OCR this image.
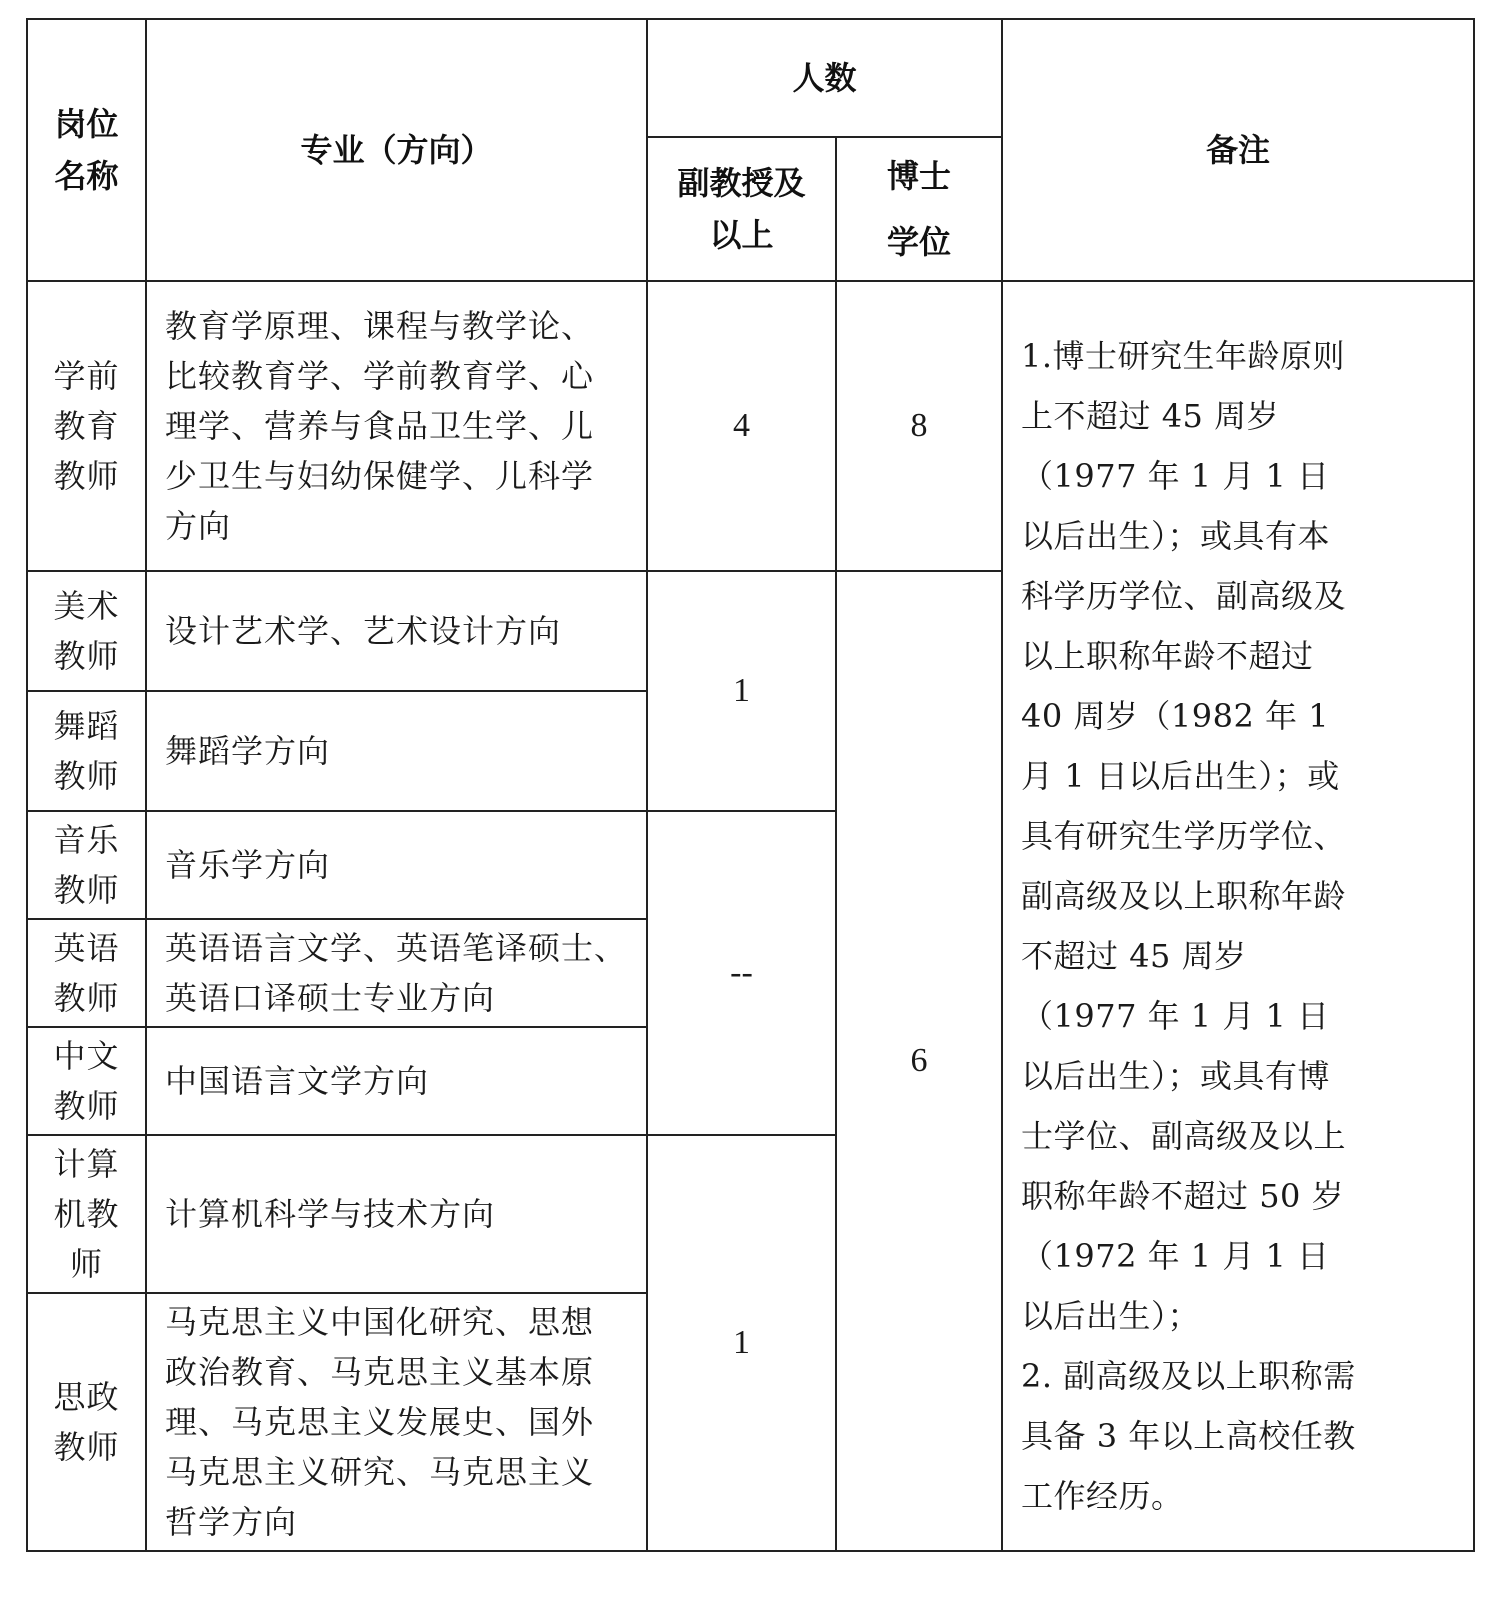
岗位名称	专业（方向）	人数		备注

		副教授及以上	博士学位	

学前教育教师	教育学原理、课程与教学论、比较教育学、学前教育学、心理学、营养与食品卫生学、儿少卫生与妇幼保健学、儿科学方向	4	8	1.博士研究生年龄原则上不超过 45 周岁（1977 年 1 月 1 日以后出生）；或具有本科学历学位、副高级及以上职称年龄不超过 40 周岁（1982 年 1 月 1 日以后出生）；或具有研究生学历学位、副高级及以上职称年龄不超过 45 周岁（1977 年 1 月 1 日以后出生）；或具有博士学位、副高级及以上职称年龄不超过 50 岁（1972 年 1 月 1 日以后出生）；

2. 副高级及以上职称需具备 3 年以上高校任教工作经历。

美术教师	设计艺术学、艺术设计方向	1	6	

舞蹈教师	舞蹈学方向			

音乐教师	音乐学方向	--		

英语教师	英语语言文学、英语笔译硕士、英语口译硕士专业方向			

中文教师	中国语言文学方向			

计算机教师	计算机科学与技术方向	1		

思政教师	马克思主义中国化研究、思想政治教育、马克思主义基本原理、马克思主义发展史、国外马克思主义研究、马克思主义哲学方向			
